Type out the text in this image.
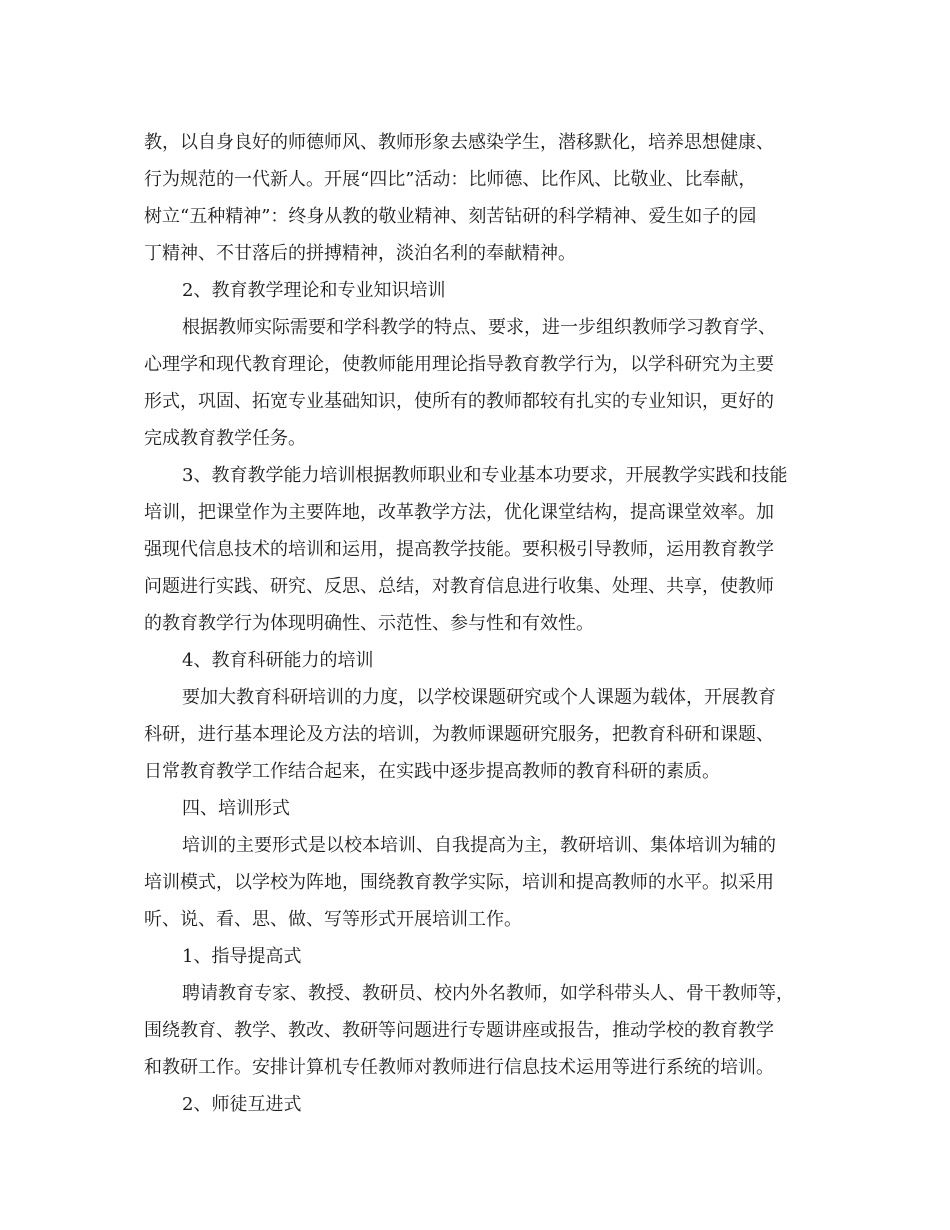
教，以自身良好的师德师风、教师形象去感染学生，潜移默化，培养思想健康、
行为规范的一代新人。开展“四比”活动：比师德、比作风、比敬业、比奉献，
树立“五种精神”：终身从教的敬业精神、刻苦钻研的科学精神、爱生如子的园
丁精神、不甘落后的拼搏精神，淡泊名利的奉献精神。
2、教育教学理论和专业知识培训
根据教师实际需要和学科教学的特点、要求，进一步组织教师学习教育学、
心理学和现代教育理论，使教师能用理论指导教育教学行为，以学科研究为主要
形式，巩固、拓宽专业基础知识，使所有的教师都较有扎实的专业知识，更好的
完成教育教学任务。
3、教育教学能力培训根据教师职业和专业基本功要求，开展教学实践和技能
培训，把课堂作为主要阵地，改革教学方法，优化课堂结构，提高课堂效率。加
强现代信息技术的培训和运用，提高教学技能。要积极引导教师，运用教育教学
问题进行实践、研究、反思、总结，对教育信息进行收集、处理、共享，使教师
的教育教学行为体现明确性、示范性、参与性和有效性。
4、教育科研能力的培训
要加大教育科研培训的力度，以学校课题研究或个人课题为载体，开展教育
科研，进行基本理论及方法的培训，为教师课题研究服务，把教育科研和课题、
日常教育教学工作结合起来，在实践中逐步提高教师的教育科研的素质。
四、培训形式
培训的主要形式是以校本培训、自我提高为主，教研培训、集体培训为辅的
培训模式，以学校为阵地，围绕教育教学实际，培训和提高教师的水平。拟采用
听、说、看、思、做、写等形式开展培训工作。
1、指导提高式
聘请教育专家、教授、教研员、校内外名教师，如学科带头人、骨干教师等，
围绕教育、教学、教改、教研等问题进行专题讲座或报告，推动学校的教育教学
和教研工作。安排计算机专任教师对教师进行信息技术运用等进行系统的培训。
2、师徒互进式
